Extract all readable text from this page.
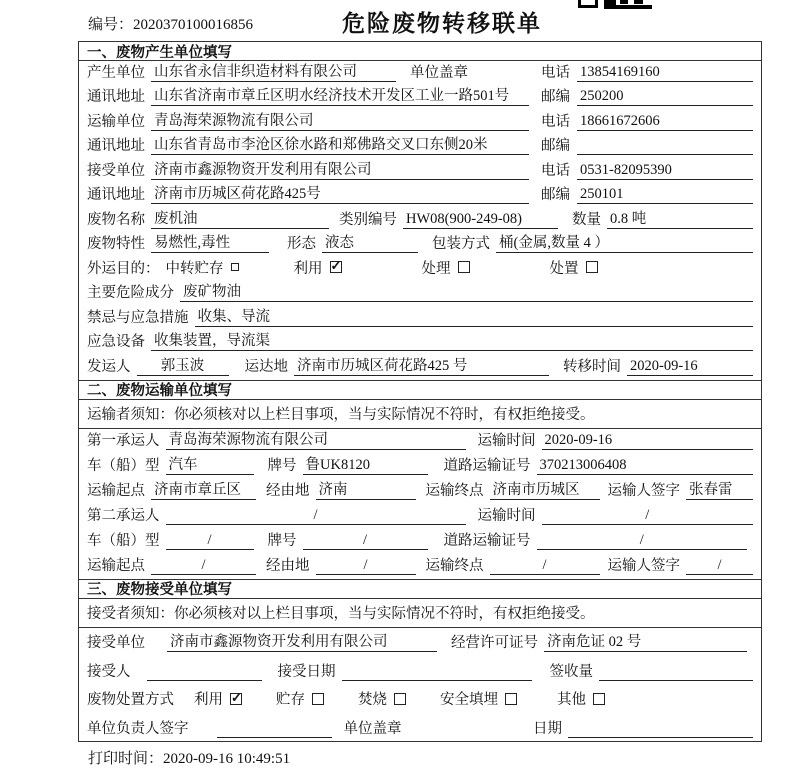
编号：2020370100016856	危险废物转移联单
一、废物产生单位填写
产生单位 山东省永信非织造材料有限公司	单位盖章	电话 13854169160
通讯地址 山东省济南市章丘区明水经济技术开发区工业一路501号	邮编 250200
运输单位 青岛海荣源物流有限公司	电话 18661672606
通讯地址 山东省青岛市李沧区徐水路和郑佛路交叉口东侧20米	邮编
接受单位 济南市鑫源物资开发利用有限公司	电话 0531-82095390
通讯地址 济南市历城区荷花路425号	邮编 250101
废物名称 废机油	类别编号 HW08(900-249-08)	数量 0.8 吨
废物特性 易燃性,毒性	形态 液态	包装方式 桶(金属,数量 4 ）
外运目的： 中转贮存	利用 ✓	处理	处置
主要危险成分 废矿物油
禁忌与应急措施 收集、导流
应急设备 收集装置，导流渠
发运人	郭玉波	运达地 济南市历城区荷花路425 号	转移时间 2020-09-16
二、废物运输单位填写
运输者须知：你必须核对以上栏目事项，当与实际情况不符时，有权拒绝接受。
第一承运人 青岛海荣源物流有限公司	运输时间 2020-09-16
车（船）型 汽车	牌号 鲁UK8120	道路运输证号 370213006408
运输起点 济南市章丘区	经由地 济南	运输终点 济南市历城区	运输人签字 张春雷
第二承运人	/	运输时间	/
车（船）型	/	牌号	/	道路运输证号	/
运输起点	/	经由地	/	运输终点	/	运输人签字	/
三、废物接受单位填写
接受者须知：你必须核对以上栏目事项，当与实际情况不符时，有权拒绝接受。
接受单位	济南市鑫源物资开发利用有限公司	经营许可证号 济南危证 02 号
接受人	接受日期	签收量
废物处置方式	利用 ✓	贮存	焚烧	安全填埋	其他
单位负责人签字	单位盖章	日期
打印时间：2020-09-16 10:49:51
